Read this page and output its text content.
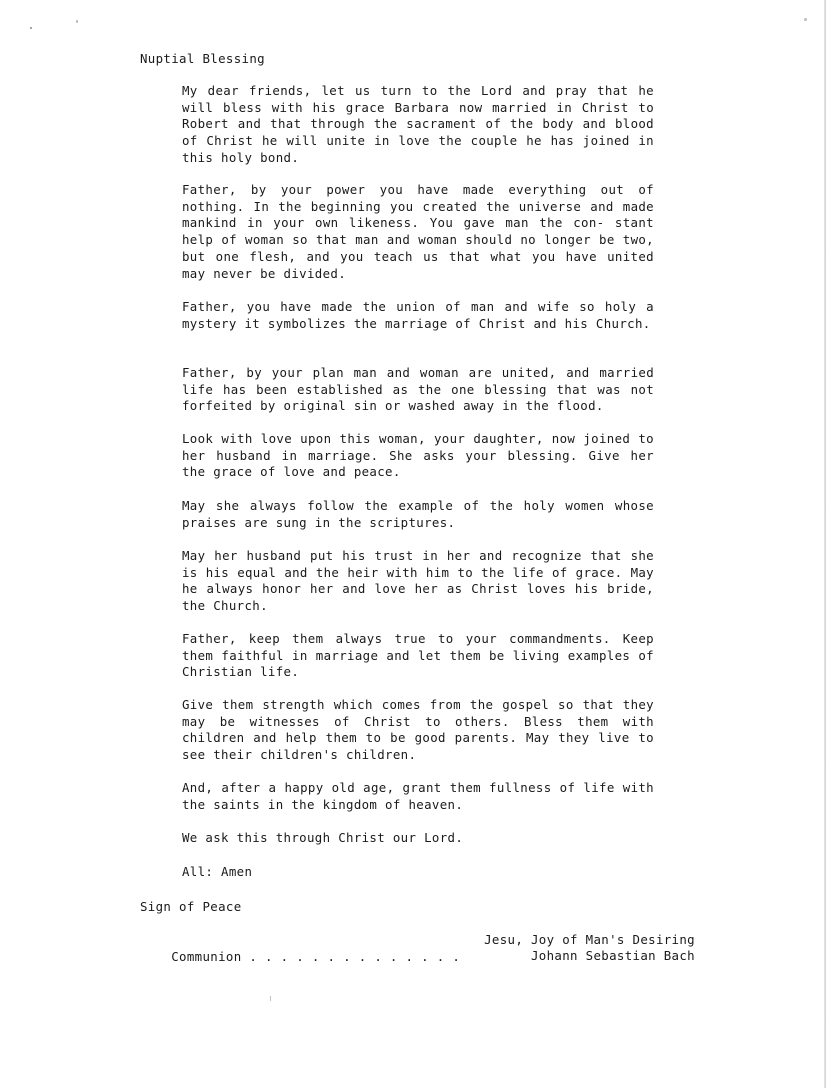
Nuptial Blessing

My dear friends, let us turn to the Lord and pray that he will bless with his grace Barbara now married in Christ to Robert and that through the sacrament of the body and blood of Christ he will unite in love the couple he has joined in this holy bond.

Father, by your power you have made everything out of nothing. In the beginning you created the universe and made mankind in your own likeness. You gave man the con- stant help of woman so that man and woman should no longer be two, but one flesh, and you teach us that what you have united may never be divided.

Father, you have made the union of man and wife so holy a mystery it symbolizes the marriage of Christ and his Church.

Father, by your plan man and woman are united, and married life has been established as the one blessing that was not forfeited by original sin or washed away in the flood.

Look with love upon this woman, your daughter, now joined to her husband in marriage. She asks your blessing. Give her the grace of love and peace.

May she always follow the example of the holy women whose praises are sung in the scriptures.

May her husband put his trust in her and recognize that she is his equal and the heir with him to the life of grace. May he always honor her and love her as Christ loves his bride, the Church.

Father, keep them always true to your commandments. Keep them faithful in marriage and let them be living examples of Christian life.

Give them strength which comes from the gospel so that they may be witnesses of Christ to others. Bless them with children and help them to be good parents. May they live to see their children's children.

And, after a happy old age, grant them fullness of life with the saints in the kingdom of heaven.

We ask this through Christ our Lord.

All: Amen

Sign of Peace

Communion . . . . . . . . . . . . . .

Jesu, Joy of Man's Desiring
Johann Sebastian Bach
